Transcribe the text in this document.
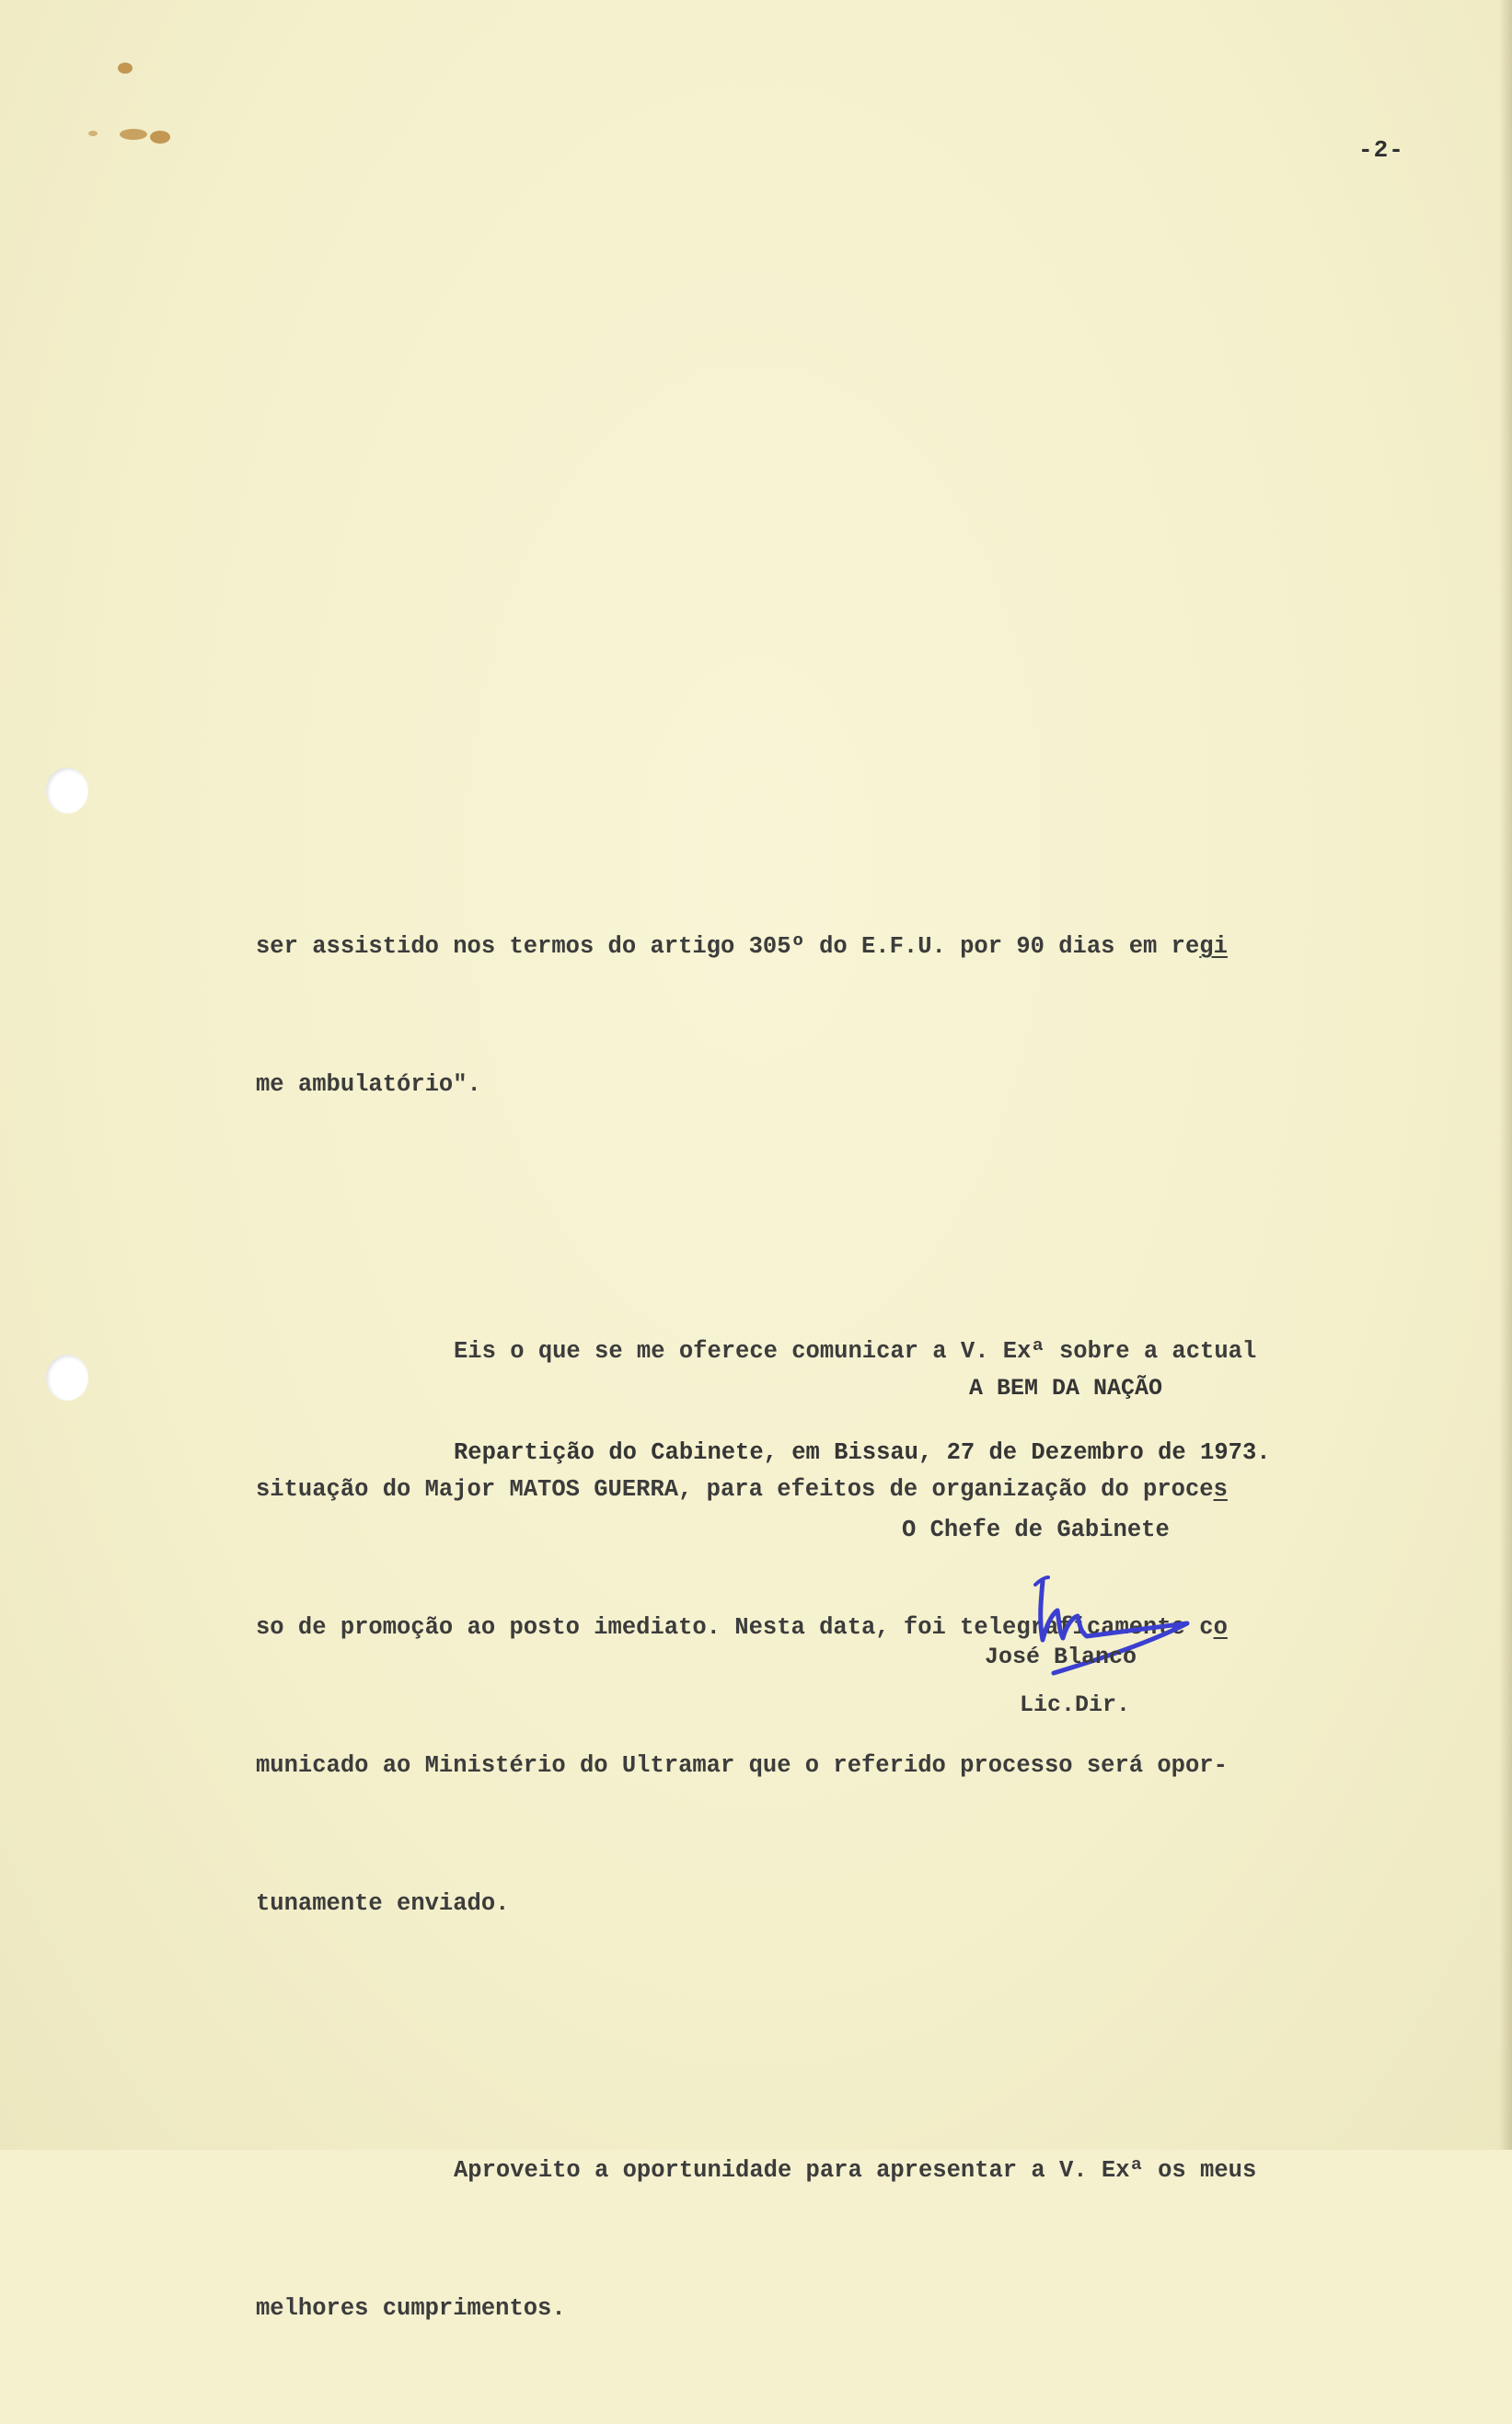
-2-

ser assistido nos termos do artigo 305º do E.F.U. por 90 dias em regi

me ambulatório".

Eis o que se me oferece comunicar a V. Exª sobre a actual

situação do Major MATOS GUERRA, para efeitos de organização do proces

so de promoção ao posto imediato. Nesta data, foi telegraficamente co

municado ao Ministério do Ultramar que o referido processo será opor-

tunamente enviado.

Aproveito a oportunidade para apresentar a V. Exª os meus

melhores cumprimentos.

A BEM DA NAÇÃO
Repartição do Cabinete, em Bissau, 27 de Dezembro de 1973.
O Chefe de Gabinete
José Blanco
Lic.Dir.
